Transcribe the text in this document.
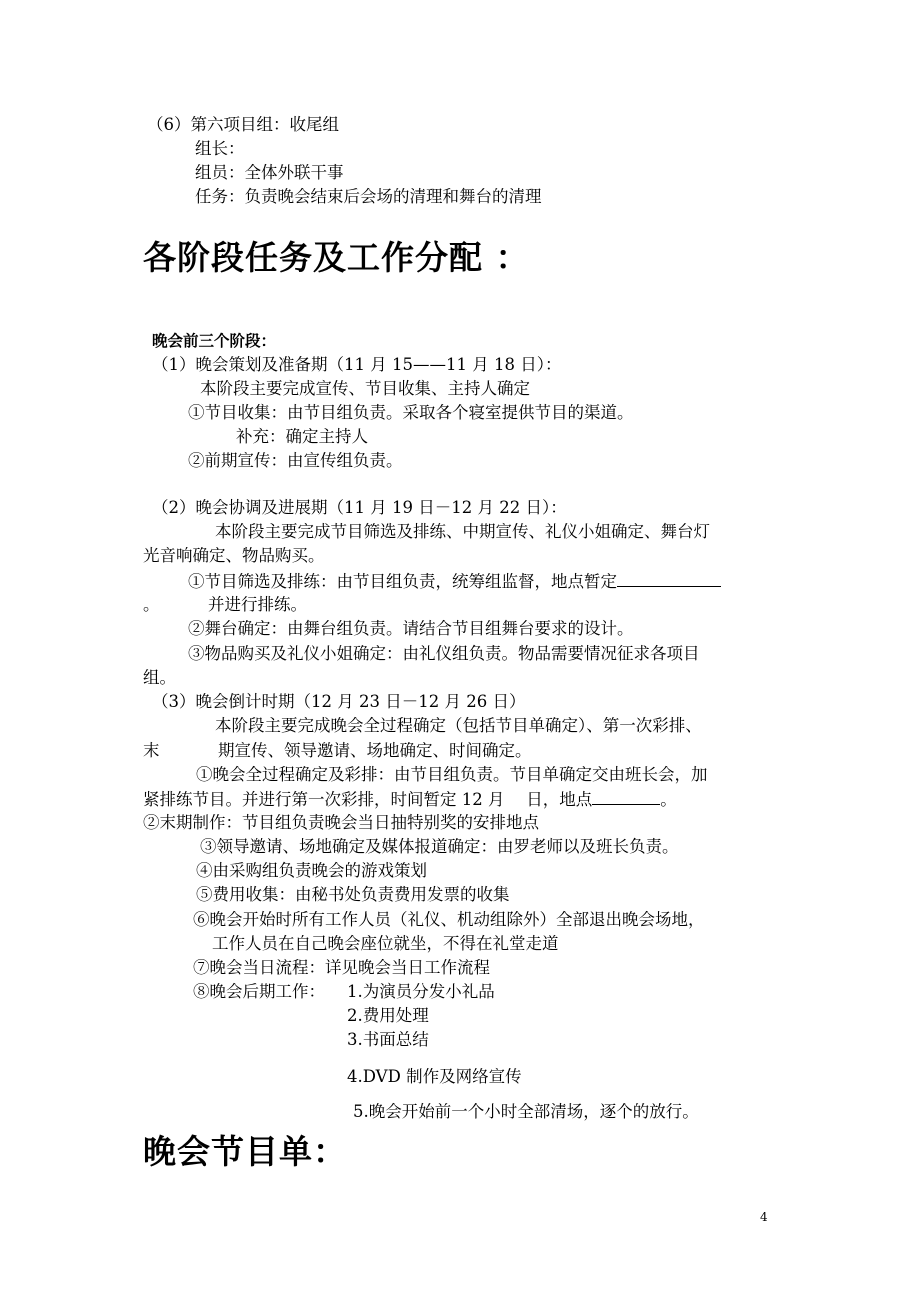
（6）第六项目组：收尾组
组长：
组员：全体外联干事
任务：负责晚会结束后会场的清理和舞台的清理
各阶段任务及工作分配 ：
晚会前三个阶段：
（1）晚会策划及准备期（11 月 15——11 月 18 日）：
本阶段主要完成宣传、节目收集、主持人确定
①节目收集：由节目组负责。采取各个寝室提供节目的渠道。
补充：确定主持人
②前期宣传：由宣传组负责。
（2）晚会协调及进展期（11 月 19 日－12 月 22 日）：
本阶段主要完成节目筛选及排练、中期宣传、礼仪小姐确定、舞台灯
光音响确定、物品购买。
①节目筛选及排练：由节目组负责，统筹组监督，地点暂定
。	并进行排练。
②舞台确定：由舞台组负责。请结合节目组舞台要求的设计。
③物品购买及礼仪小姐确定：由礼仪组负责。物品需要情况征求各项目
组。
（3）晚会倒计时期（12 月 23 日－12 月 26 日）
本阶段主要完成晚会全过程确定（包括节目单确定）、第一次彩排、
末	期宣传、领导邀请、场地确定、时间确定。
①晚会全过程确定及彩排：由节目组负责。节目单确定交由班长会，加
紧排练节目。并进行第一次彩排，时间暂定 12 月　 日，地点	。
②末期制作：节目组负责晚会当日抽特别奖的安排地点
③领导邀请、场地确定及媒体报道确定：由罗老师以及班长负责。
④由采购组负责晚会的游戏策划
⑤费用收集：由秘书处负责费用发票的收集
⑥晚会开始时所有工作人员（礼仪、机动组除外）全部退出晚会场地，
工作人员在自己晚会座位就坐，不得在礼堂走道
⑦晚会当日流程：详见晚会当日工作流程
⑧晚会后期工作： 1.为演员分发小礼品
2.费用处理
3.书面总结
4.DVD 制作及网络宣传
5.晚会开始前一个小时全部清场，逐个的放行。
晚会节目单：
4
